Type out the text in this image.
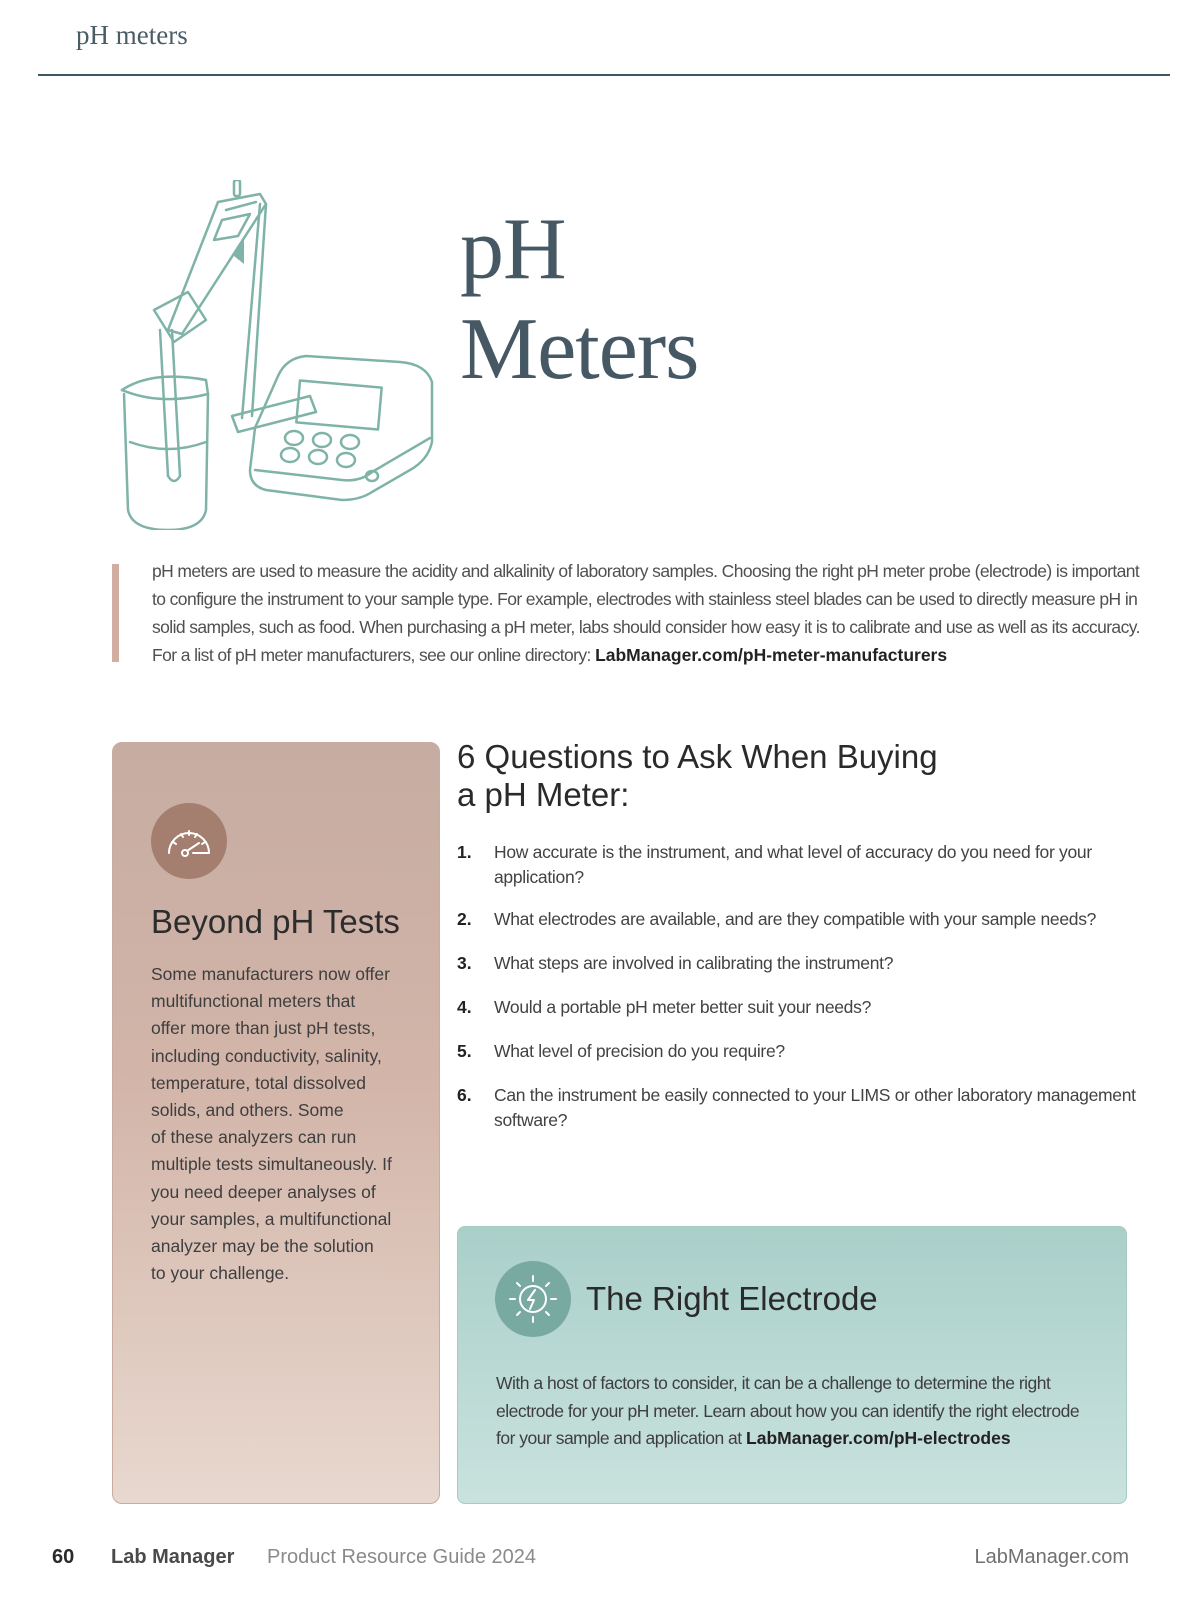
pH meters
pH
Meters
pH meters are used to measure the acidity and alkalinity of laboratory samples. Choosing the right pH meter probe (electrode) is important to configure the instrument to your sample type. For example, electrodes with stainless steel blades can be used to directly measure pH in solid samples, such as food. When purchasing a pH meter, labs should consider how easy it is to calibrate and use as well as its accuracy. For a list of pH meter manufacturers, see our online directory: LabManager.com/pH-meter-manufacturers
Beyond pH Tests
Some manufacturers now offer
multifunctional meters that
offer more than just pH tests,
including conductivity, salinity,
temperature, total dissolved
solids, and others. Some
of these analyzers can run
multiple tests simultaneously. If
you need deeper analyses of
your samples, a multifunctional
analyzer may be the solution
to your challenge.
6 Questions to Ask When Buying
a pH Meter:
1. How accurate is the instrument, and what level of accuracy do you need for your application?
2. What electrodes are available, and are they compatible with your sample needs?
3. What steps are involved in calibrating the instrument?
4. Would a portable pH meter better suit your needs?
5. What level of precision do you require?
6. Can the instrument be easily connected to your LIMS or other laboratory management software?
The Right Electrode
With a host of factors to consider, it can be a challenge to determine the right
electrode for your pH meter. Learn about how you can identify the right electrode
for your sample and application at LabManager.com/pH-electrodes
60 Lab Manager Product Resource Guide 2024	LabManager.com
